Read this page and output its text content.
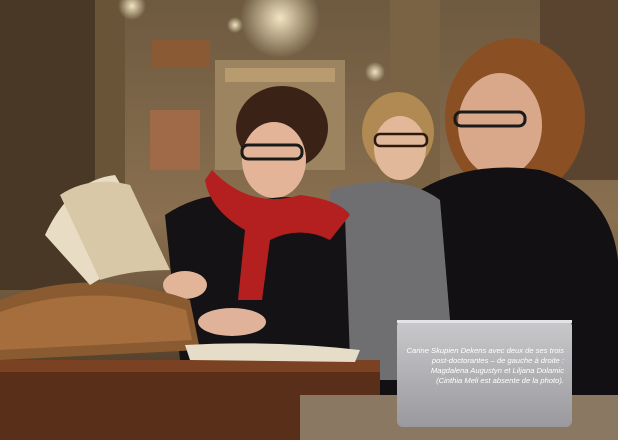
Carine Skupien Dekens avec deux de ses trois
post-doctorantes – de gauche à droite :
Magdalena Augustyn et Liljana Dolamic
(Cinthia Meli est absente de la photo).
